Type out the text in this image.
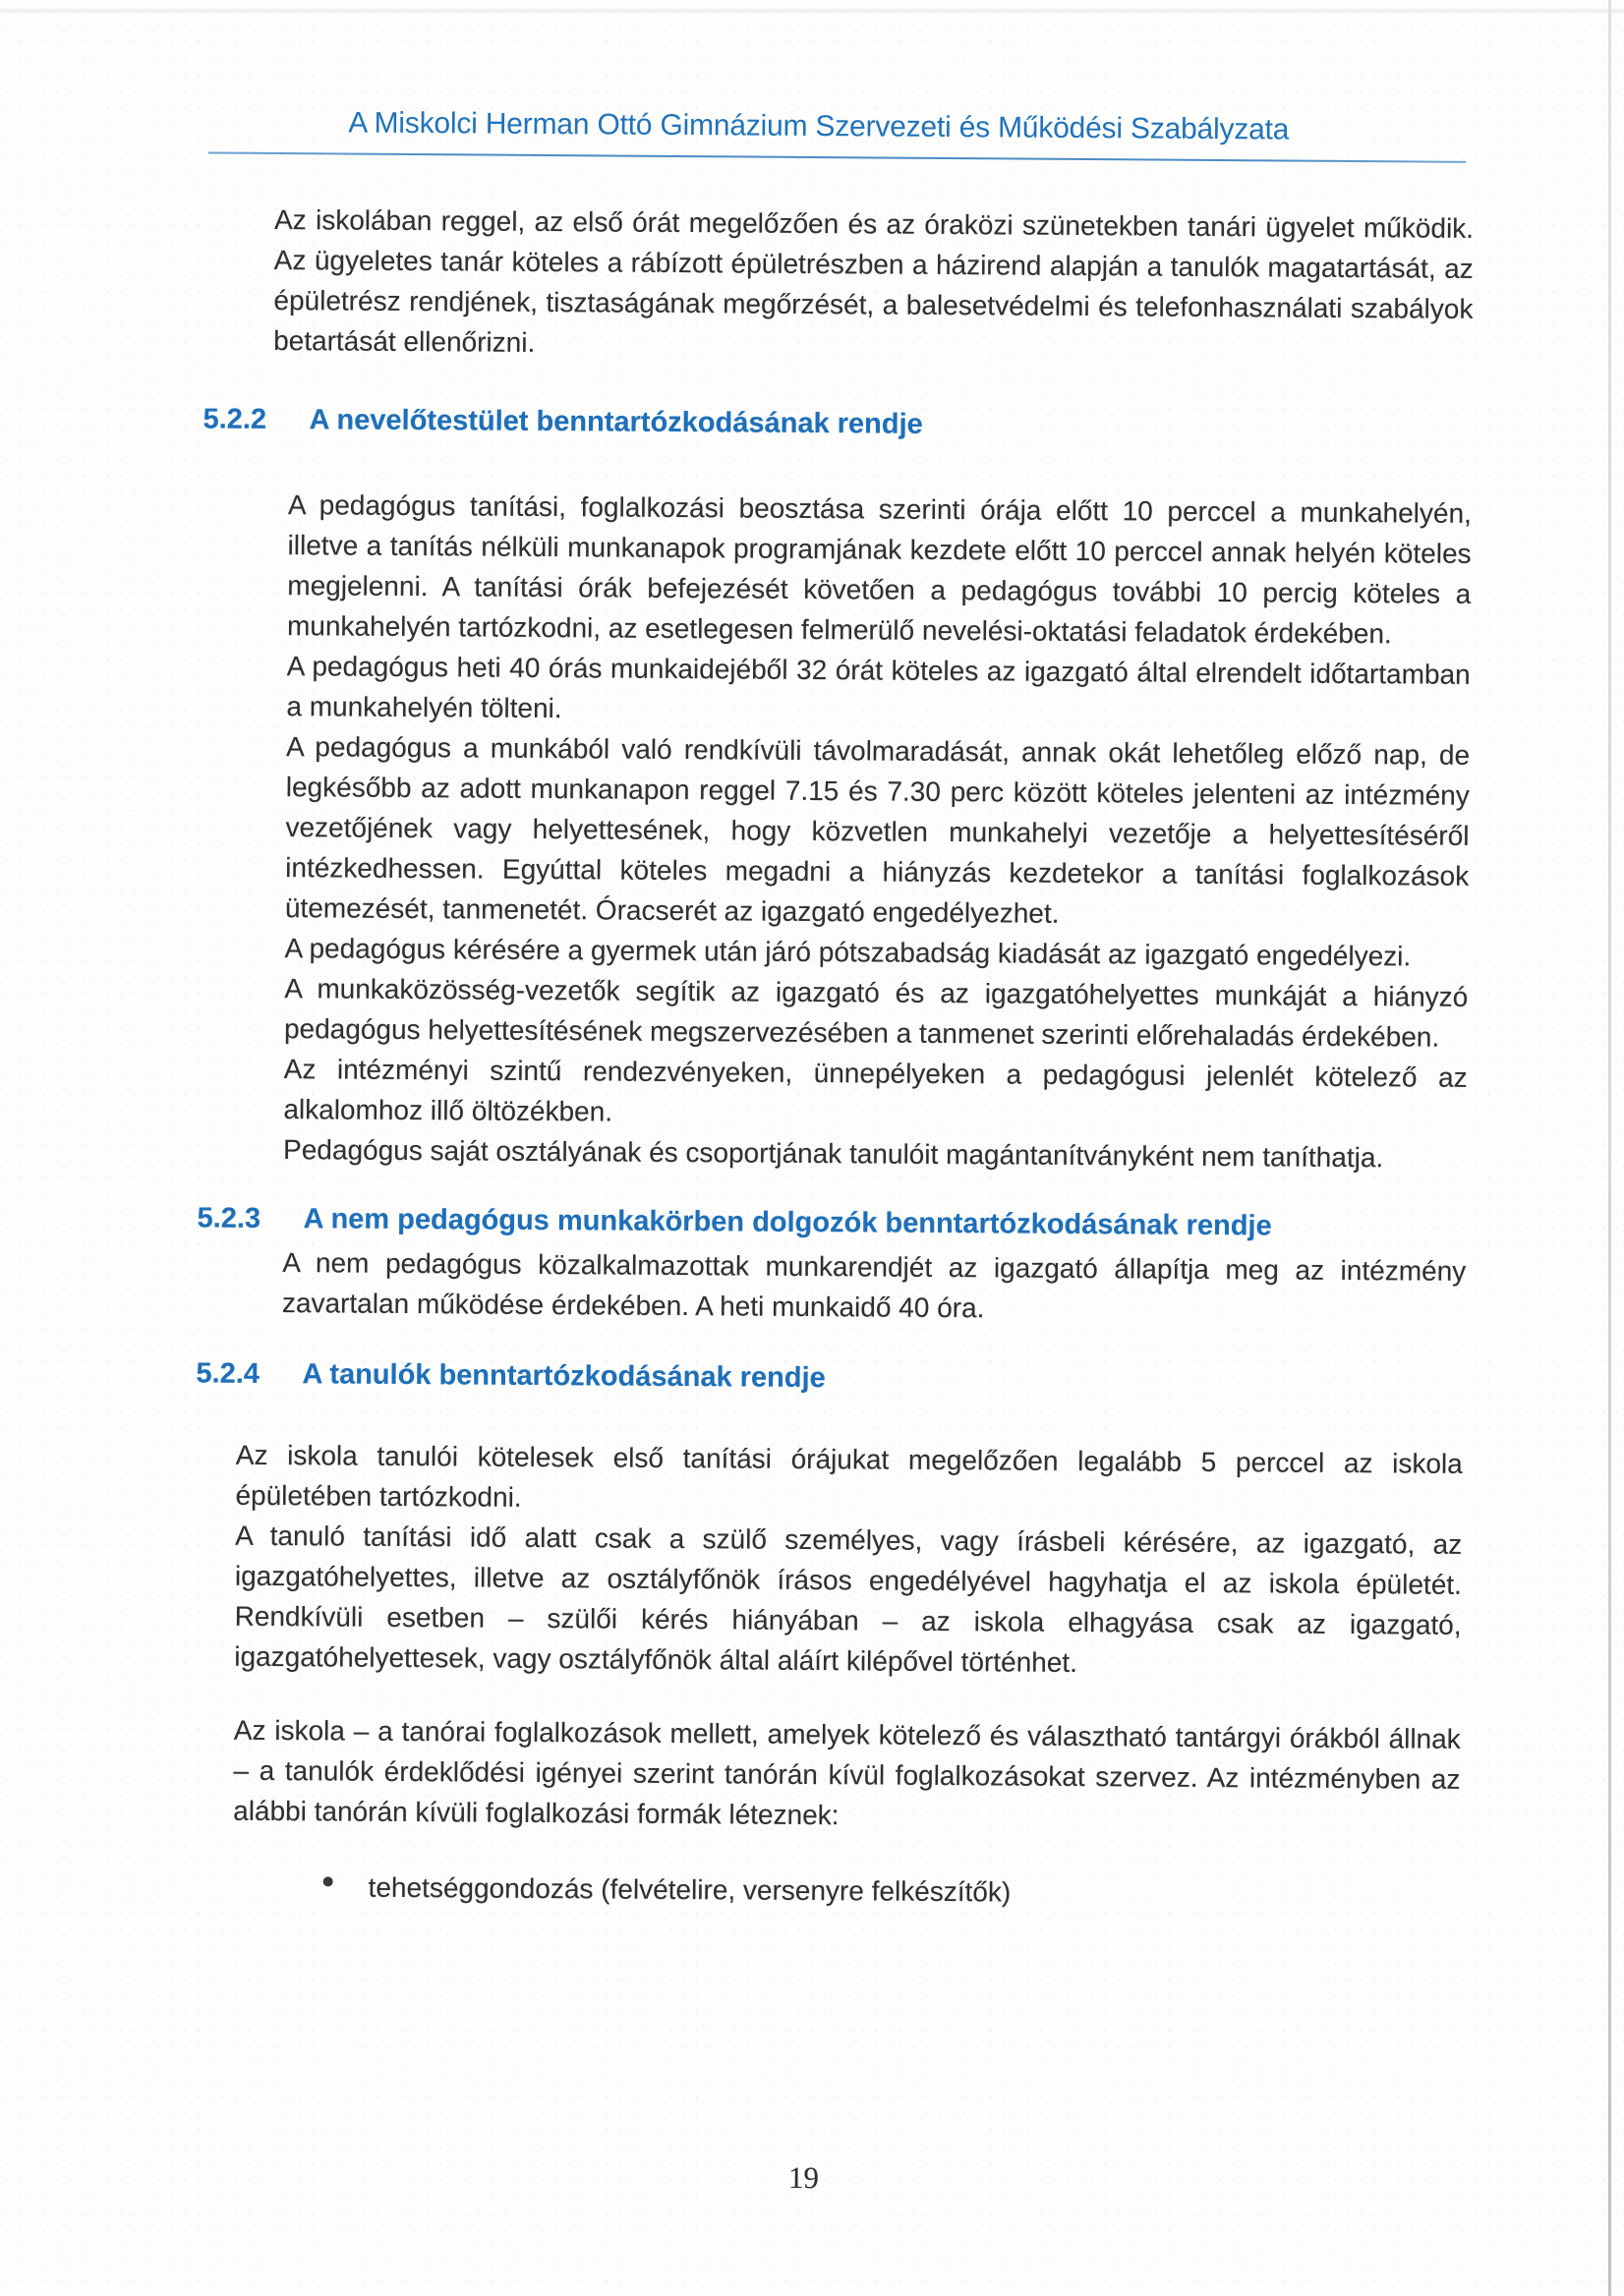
A Miskolci Herman Ottó Gimnázium Szervezeti és Működési Szabályzata

Az iskolában reggel, az első órát megelőzően és az óraközi szünetekben tanári ügyelet működik. Az ügyeletes tanár köteles a rábízott épületrészben a házirend alapján a tanulók magatartását, az épületrész rendjének, tisztaságának megőrzését, a balesetvédelmi és telefonhasználati szabályok betartását ellenőrizni.

5.2.2	A nevelőtestület benntartózkodásának rendje

A pedagógus tanítási, foglalkozási beosztása szerinti órája előtt 10 perccel a munkahelyén, illetve a tanítás nélküli munkanapok programjának kezdete előtt 10 perccel annak helyén köteles megjelenni. A tanítási órák befejezését követően a pedagógus további 10 percig köteles a munkahelyén tartózkodni, az esetlegesen felmerülő nevelési-oktatási feladatok érdekében.

A pedagógus heti 40 órás munkaidejéből 32 órát köteles az igazgató által elrendelt időtartamban a munkahelyén tölteni.

A pedagógus a munkából való rendkívüli távolmaradását, annak okát lehetőleg előző nap, de legkésőbb az adott munkanapon reggel 7.15 és 7.30 perc között köteles jelenteni az intézmény vezetőjének vagy helyettesének, hogy közvetlen munkahelyi vezetője a helyettesítéséről intézkedhessen. Egyúttal köteles megadni a hiányzás kezdetekor a tanítási foglalkozások ütemezését, tanmenetét. Óracserét az igazgató engedélyezhet.

A pedagógus kérésére a gyermek után járó pótszabadság kiadását az igazgató engedélyezi.

A munkaközösség-vezetők segítik az igazgató és az igazgatóhelyettes munkáját a hiányzó pedagógus helyettesítésének megszervezésében a tanmenet szerinti előrehaladás érdekében.

Az intézményi szintű rendezvényeken, ünnepélyeken a pedagógusi jelenlét kötelező az alkalomhoz illő öltözékben.

Pedagógus saját osztályának és csoportjának tanulóit magántanítványként nem taníthatja.

5.2.3	A nem pedagógus munkakörben dolgozók benntartózkodásának rendje

A nem pedagógus közalkalmazottak munkarendjét az igazgató állapítja meg az intézmény zavartalan működése érdekében. A heti munkaidő 40 óra.

5.2.4	A tanulók benntartózkodásának rendje

Az iskola tanulói kötelesek első tanítási órájukat megelőzően legalább 5 perccel az iskola épületében tartózkodni.

A tanuló tanítási idő alatt csak a szülő személyes, vagy írásbeli kérésére, az igazgató, az igazgatóhelyettes, illetve az osztályfőnök írásos engedélyével hagyhatja el az iskola épületét. Rendkívüli esetben – szülői kérés hiányában – az iskola elhagyása csak az igazgató, igazgatóhelyettesek, vagy osztályfőnök által aláírt kilépővel történhet.

Az iskola – a tanórai foglalkozások mellett, amelyek kötelező és választható tantárgyi órákból állnak – a tanulók érdeklődési igényei szerint tanórán kívül foglalkozásokat szervez. Az intézményben az alábbi tanórán kívüli foglalkozási formák léteznek:

tehetséggondozás (felvételire, versenyre felkészítők)
19
